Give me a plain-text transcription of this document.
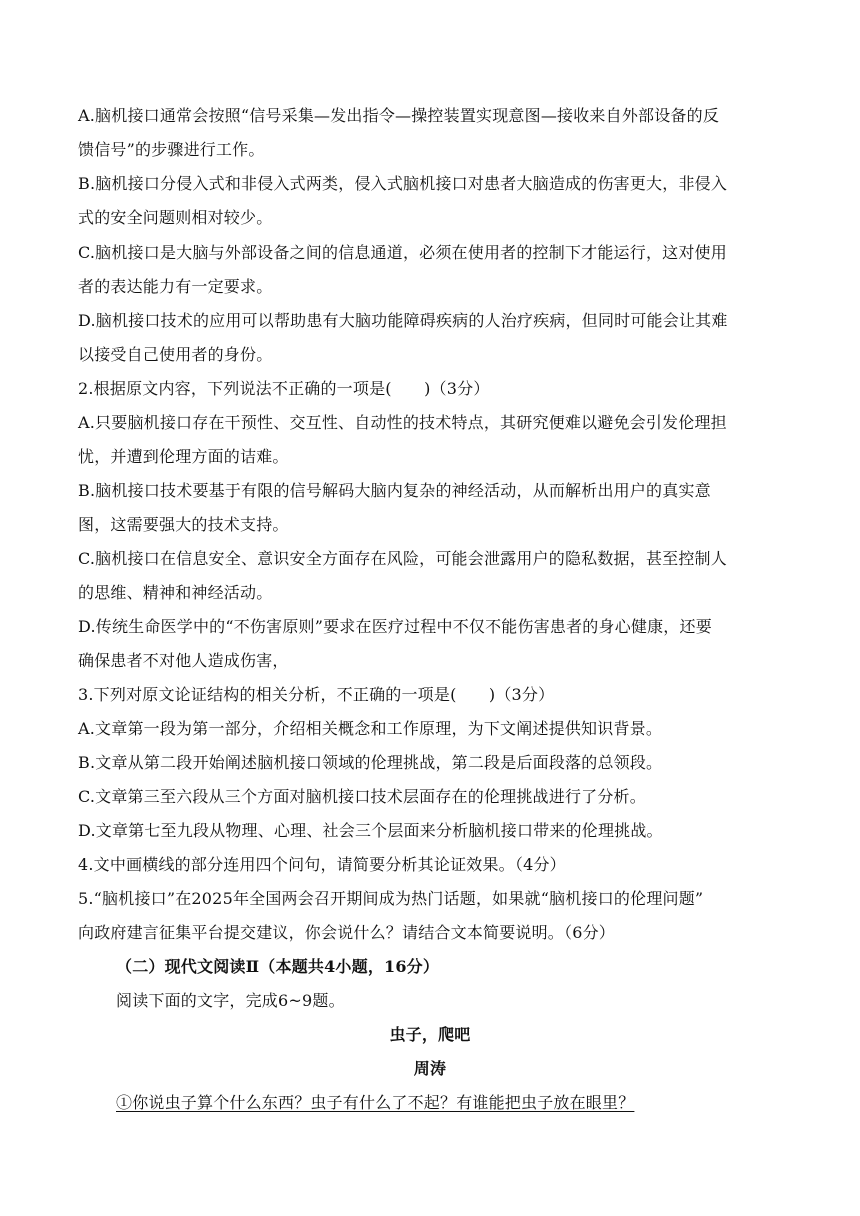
A.脑机接口通常会按照“信号采集—发出指令—操控装置实现意图—接收来自外部设备的反
馈信号”的步骤进行工作。
B.脑机接口分侵入式和非侵入式两类，侵入式脑机接口对患者大脑造成的伤害更大，非侵入
式的安全问题则相对较少。
C.脑机接口是大脑与外部设备之间的信息通道，必须在使用者的控制下才能运行，这对使用
者的表达能力有一定要求。
D.脑机接口技术的应用可以帮助患有大脑功能障碍疾病的人治疗疾病，但同时可能会让其难
以接受自己使用者的身份。
2.根据原文内容，下列说法不正确的一项是(　　)（3分）
A.只要脑机接口存在干预性、交互性、自动性的技术特点，其研究便难以避免会引发伦理担
忧，并遭到伦理方面的诘难。
B.脑机接口技术要基于有限的信号解码大脑内复杂的神经活动，从而解析出用户的真实意
图，这需要强大的技术支持。
C.脑机接口在信息安全、意识安全方面存在风险，可能会泄露用户的隐私数据，甚至控制人
的思维、精神和神经活动。
D.传统生命医学中的“不伤害原则”要求在医疗过程中不仅不能伤害患者的身心健康，还要
确保患者不对他人造成伤害，
3.下列对原文论证结构的相关分析，不正确的一项是(　　)（3分）
A.文章第一段为第一部分，介绍相关概念和工作原理，为下文阐述提供知识背景。
B.文章从第二段开始阐述脑机接口领域的伦理挑战，第二段是后面段落的总领段。
C.文章第三至六段从三个方面对脑机接口技术层面存在的伦理挑战进行了分析。
D.文章第七至九段从物理、心理、社会三个层面来分析脑机接口带来的伦理挑战。
4.文中画横线的部分连用四个问句，请简要分析其论证效果。（4分）
5.“脑机接口”在2025年全国两会召开期间成为热门话题，如果就“脑机接口的伦理问题”
向政府建言征集平台提交建议，你会说什么？请结合文本简要说明。（6分）
（二）现代文阅读Ⅱ（本题共4小题，16分）
阅读下面的文字，完成6~9题。
虫子，爬吧
周涛
①你说虫子算个什么东西？虫子有什么了不起？有谁能把虫子放在眼里？
